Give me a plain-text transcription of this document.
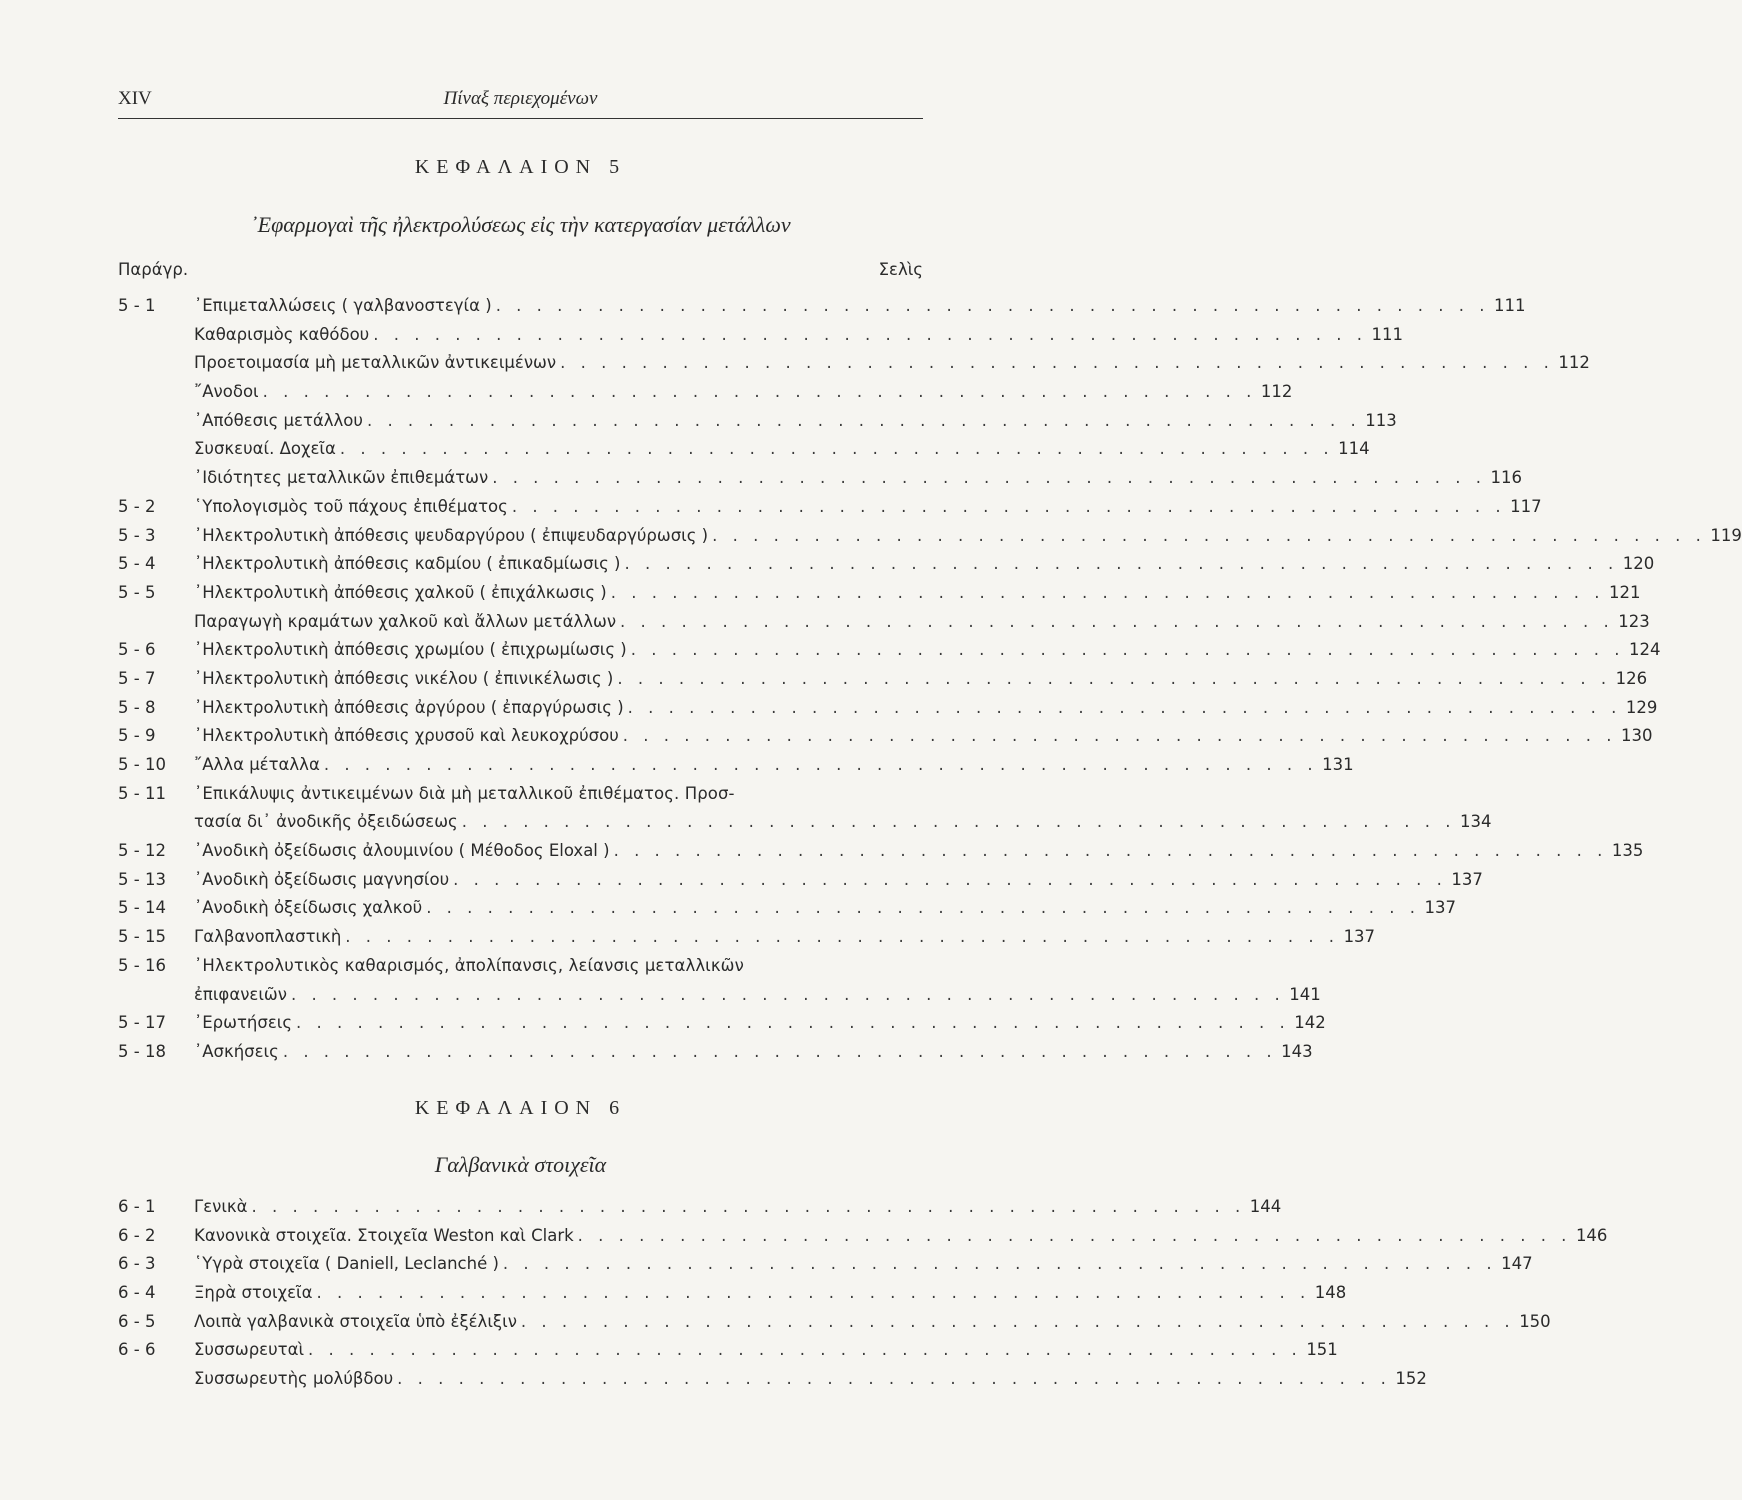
XIV	Πίναξ περιεχομένων
ΚΕΦΑΛΑΙΟΝ 5
᾿Εφαρμογαὶ τῆς ἠλεκτρολύσεως εἰς τὴν κατεργασίαν μετάλλων
Παράγρ.	Σελὶς
5 - 1 ᾿Επιμεταλλώσεις ( γαλβανοστεγία ) . . . . . . . . . . . . . . . . . . . . . . . . . . . . . . . . . . . . . . . . . . . . . . . . . 111
Καθαρισμὸς καθόδου . . . . . . . . . . . . . . . . . . . . . . . . . . . . . . . . . . . . . . . . . . . . . . . . . 111
Προετοιμασία μὴ μεταλλικῶν ἀντικειμένων . . . . . . . . . . . . . . . . . . . . . . . . . . . . . . . . . . . . . . . . . . . . . . . . . 112
῎Ανοδοι . . . . . . . . . . . . . . . . . . . . . . . . . . . . . . . . . . . . . . . . . . . . . . . . . 112
᾿Απόθεσις μετάλλου . . . . . . . . . . . . . . . . . . . . . . . . . . . . . . . . . . . . . . . . . . . . . . . . . 113
Συσκευαί. Δοχεῖα . . . . . . . . . . . . . . . . . . . . . . . . . . . . . . . . . . . . . . . . . . . . . . . . . 114
᾿Ιδιότητες μεταλλικῶν ἐπιθεμάτων . . . . . . . . . . . . . . . . . . . . . . . . . . . . . . . . . . . . . . . . . . . . . . . . . 116
5 - 2 ῾Υπολογισμὸς τοῦ πάχους ἐπιθέματος . . . . . . . . . . . . . . . . . . . . . . . . . . . . . . . . . . . . . . . . . . . . . . . . . 117
5 - 3 ᾿Ηλεκτρολυτικὴ ἀπόθεσις ψευδαργύρου ( ἐπιψευδαργύρωσις ) . . . . . . . . . . . . . . . . . . . . . . . . . . . . . . . . . . . . . . . . . . . . . . . . . 119
5 - 4 ᾿Ηλεκτρολυτικὴ ἀπόθεσις καδμίου ( ἐπικαδμίωσις ) . . . . . . . . . . . . . . . . . . . . . . . . . . . . . . . . . . . . . . . . . . . . . . . . . 120
5 - 5 ᾿Ηλεκτρολυτικὴ ἀπόθεσις χαλκοῦ ( ἐπιχάλκωσις ) . . . . . . . . . . . . . . . . . . . . . . . . . . . . . . . . . . . . . . . . . . . . . . . . . 121
Παραγωγὴ κραμάτων χαλκοῦ καὶ ἄλλων μετάλλων . . . . . . . . . . . . . . . . . . . . . . . . . . . . . . . . . . . . . . . . . . . . . . . . . 123
5 - 6 ᾿Ηλεκτρολυτικὴ ἀπόθεσις χρωμίου ( ἐπιχρωμίωσις ) . . . . . . . . . . . . . . . . . . . . . . . . . . . . . . . . . . . . . . . . . . . . . . . . . 124
5 - 7 ᾿Ηλεκτρολυτικὴ ἀπόθεσις νικέλου ( ἐπινικέλωσις ) . . . . . . . . . . . . . . . . . . . . . . . . . . . . . . . . . . . . . . . . . . . . . . . . . 126
5 - 8 ᾿Ηλεκτρολυτικὴ ἀπόθεσις ἀργύρου ( ἐπαργύρωσις ) . . . . . . . . . . . . . . . . . . . . . . . . . . . . . . . . . . . . . . . . . . . . . . . . . 129
5 - 9 ᾿Ηλεκτρολυτικὴ ἀπόθεσις χρυσοῦ καὶ λευκοχρύσου . . . . . . . . . . . . . . . . . . . . . . . . . . . . . . . . . . . . . . . . . . . . . . . . . 130
5 - 10 ῎Αλλα μέταλλα . . . . . . . . . . . . . . . . . . . . . . . . . . . . . . . . . . . . . . . . . . . . . . . . . 131
5 - 11 ᾿Επικάλυψις ἀντικειμένων διὰ μὴ μεταλλικοῦ ἐπιθέματος. Προσ-
τασία δι᾿ ἀνοδικῆς ὀξειδώσεως . . . . . . . . . . . . . . . . . . . . . . . . . . . . . . . . . . . . . . . . . . . . . . . . . 134
5 - 12 ᾿Ανοδικὴ ὀξείδωσις ἀλουμινίου ( Μέθοδος Eloxal ) . . . . . . . . . . . . . . . . . . . . . . . . . . . . . . . . . . . . . . . . . . . . . . . . . 135
5 - 13 ᾿Ανοδικὴ ὀξείδωσις μαγνησίου . . . . . . . . . . . . . . . . . . . . . . . . . . . . . . . . . . . . . . . . . . . . . . . . . 137
5 - 14 ᾿Ανοδικὴ ὀξείδωσις χαλκοῦ . . . . . . . . . . . . . . . . . . . . . . . . . . . . . . . . . . . . . . . . . . . . . . . . . 137
5 - 15 Γαλβανοπλαστικὴ . . . . . . . . . . . . . . . . . . . . . . . . . . . . . . . . . . . . . . . . . . . . . . . . . 137
5 - 16 ᾿Ηλεκτρολυτικὸς καθαρισμός, ἀπολίπανσις, λείανσις μεταλλικῶν
ἐπιφανειῶν . . . . . . . . . . . . . . . . . . . . . . . . . . . . . . . . . . . . . . . . . . . . . . . . . 141
5 - 17 ᾿Ερωτήσεις . . . . . . . . . . . . . . . . . . . . . . . . . . . . . . . . . . . . . . . . . . . . . . . . . 142
5 - 18 ᾿Ασκήσεις . . . . . . . . . . . . . . . . . . . . . . . . . . . . . . . . . . . . . . . . . . . . . . . . . 143
ΚΕΦΑΛΑΙΟΝ 6
Γαλβανικὰ στοιχεῖα
6 - 1 Γενικὰ . . . . . . . . . . . . . . . . . . . . . . . . . . . . . . . . . . . . . . . . . . . . . . . . . 144
6 - 2 Κανονικὰ στοιχεῖα. Στοιχεῖα Weston καὶ Clark . . . . . . . . . . . . . . . . . . . . . . . . . . . . . . . . . . . . . . . . . . . . . . . . . 146
6 - 3 ῾Υγρὰ στοιχεῖα ( Daniell, Leclanché ) . . . . . . . . . . . . . . . . . . . . . . . . . . . . . . . . . . . . . . . . . . . . . . . . . 147
6 - 4 Ξηρὰ στοιχεῖα . . . . . . . . . . . . . . . . . . . . . . . . . . . . . . . . . . . . . . . . . . . . . . . . . 148
6 - 5 Λοιπὰ γαλβανικὰ στοιχεῖα ὑπὸ ἐξέλιξιν . . . . . . . . . . . . . . . . . . . . . . . . . . . . . . . . . . . . . . . . . . . . . . . . . 150
6 - 6 Συσσωρευταὶ . . . . . . . . . . . . . . . . . . . . . . . . . . . . . . . . . . . . . . . . . . . . . . . . . 151
Συσσωρευτὴς μολύβδου . . . . . . . . . . . . . . . . . . . . . . . . . . . . . . . . . . . . . . . . . . . . . . . . . 152
